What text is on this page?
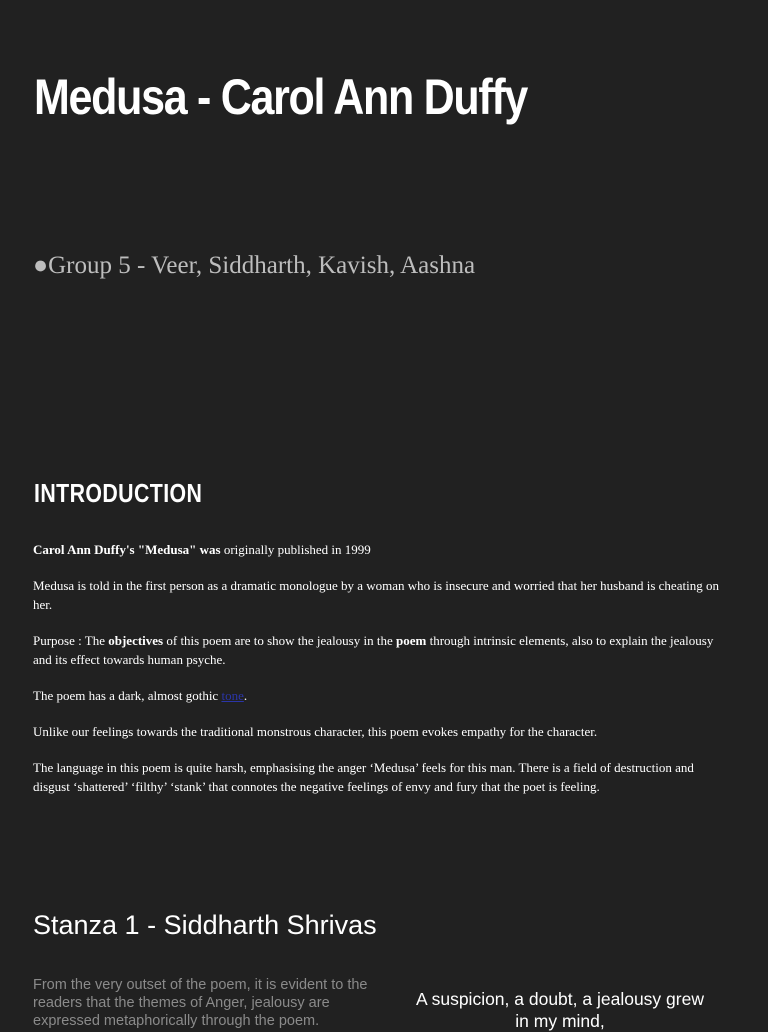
Medusa - Carol Ann Duffy
●Group 5 - Veer, Siddharth, Kavish, Aashna
INTRODUCTION

Carol Ann Duffy's "Medusa" was originally published in 1999

Medusa is told in the first person as a dramatic monologue by a woman who is insecure and worried that her husband is cheating on her.

Purpose : The objectives of this poem are to show the jealousy in the poem through intrinsic elements, also to explain the jealousy and its effect towards human psyche.

The poem has a dark, almost gothic tone.

Unlike our feelings towards the traditional monstrous character, this poem evokes empathy for the character.

The language in this poem is quite harsh, emphasising the anger ‘Medusa’ feels for this man. There is a field of destruction and disgust ‘shattered’ ‘filthy’ ‘stank’ that connotes the negative feelings of envy and fury that the poet is feeling.

Stanza 1 - Siddharth Shrivas
From the very outset of the poem, it is evident to the readers that the themes of Anger, jealousy are expressed metaphorically through the poem.
A suspicion, a doubt, a jealousy grew in my mind,
